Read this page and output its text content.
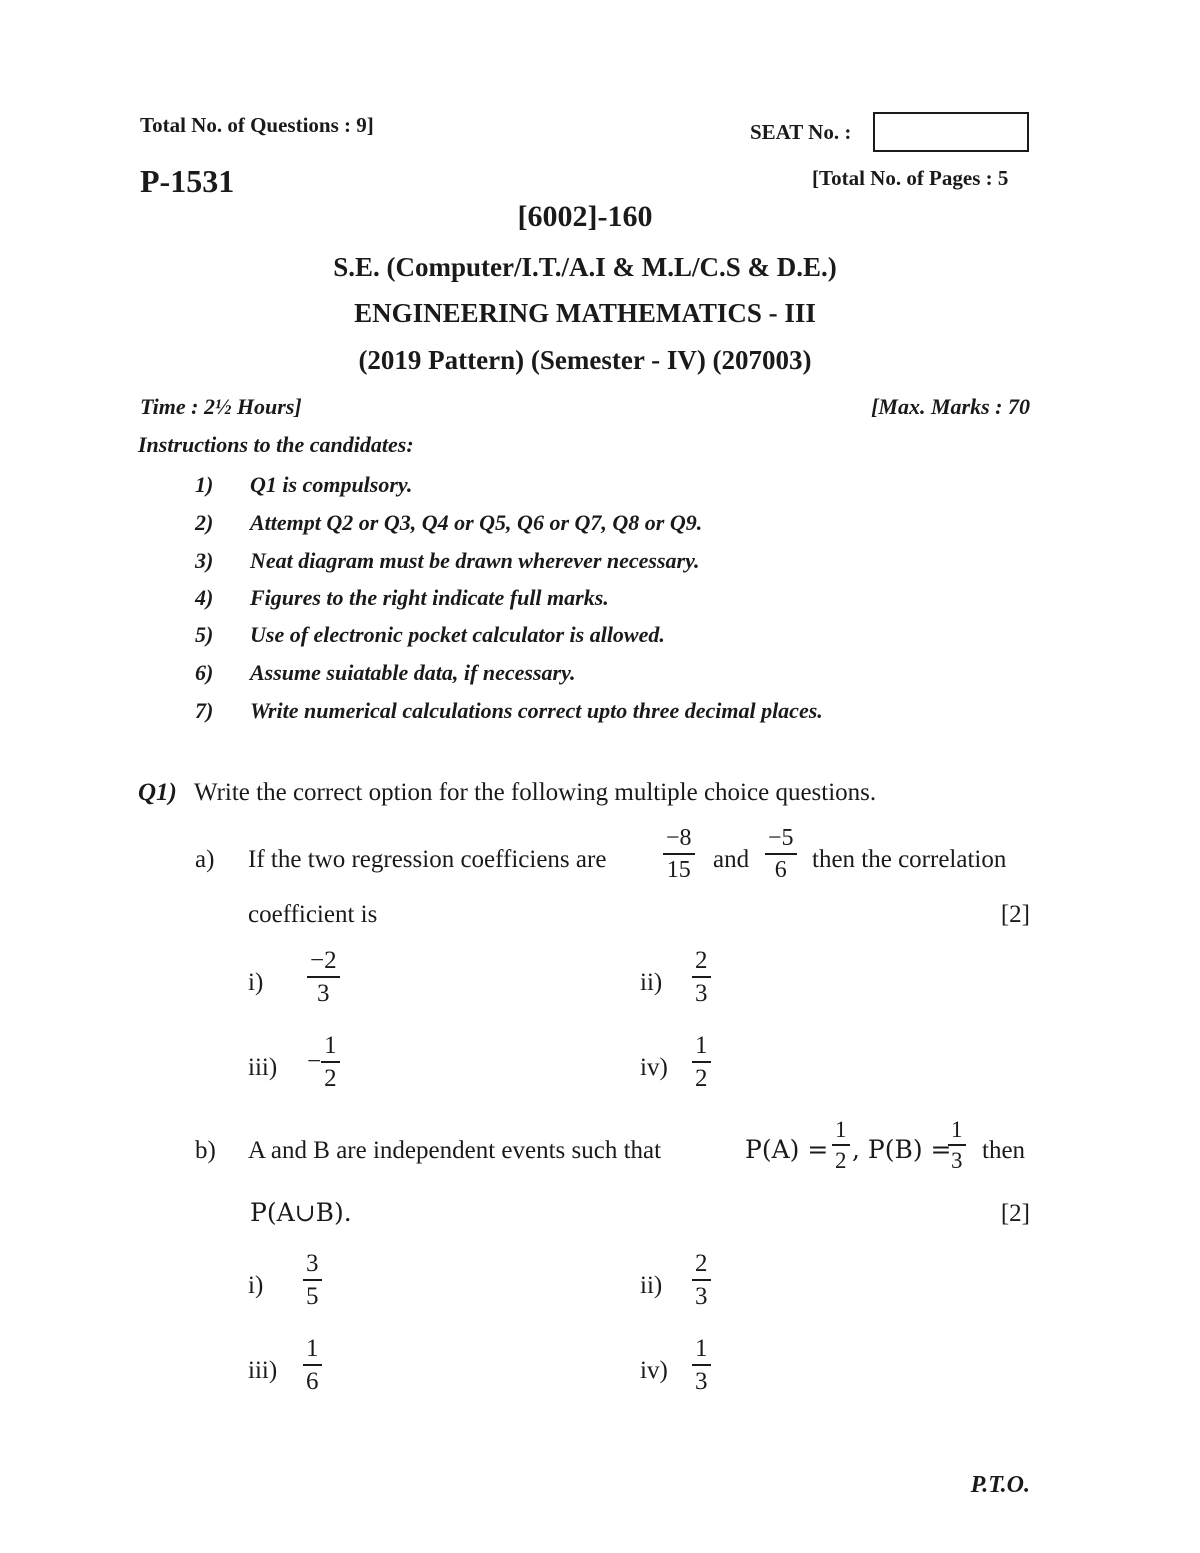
Total No. of Questions : 9]	SEAT No. :
P-1531	[Total No. of Pages : 5
[6002]-160
S.E. (Computer/I.T./A.I & M.L/C.S & D.E.)
ENGINEERING MATHEMATICS - III
(2019 Pattern) (Semester - IV) (207003)
Time : 2½ Hours]	[Max. Marks : 70
Instructions to the candidates:
1) Q1 is compulsory.
2) Attempt Q2 or Q3, Q4 or Q5, Q6 or Q7, Q8 or Q9.
3) Neat diagram must be drawn wherever necessary.
4) Figures to the right indicate full marks.
5) Use of electronic pocket calculator is allowed.
6) Assume suiatable data, if necessary.
7) Write numerical calculations correct upto three decimal places.
Q1) Write the correct option for the following multiple choice questions.
a) If the two regression coefficiens are $\frac{-8}{15}$ and $\frac{-5}{6}$ then the correlation
coefficient is	[2]
$i) \frac{-2}{3}$	$ii) \frac{2}{3}$
$iii) - \frac{1}{2}$	$iv) \frac{1}{2}$
b) A and B are independent events such that	$P(A) = \frac{1}{2}$ , P(B) =
$\frac{1}{3}$ then
P(A∪B).	[2]
$i) \frac{3}{5}$	$ii) \frac{2}{3}$
$iii) \frac{1}{6}$	$iv) \frac{1}{3}$
P.T.O.
